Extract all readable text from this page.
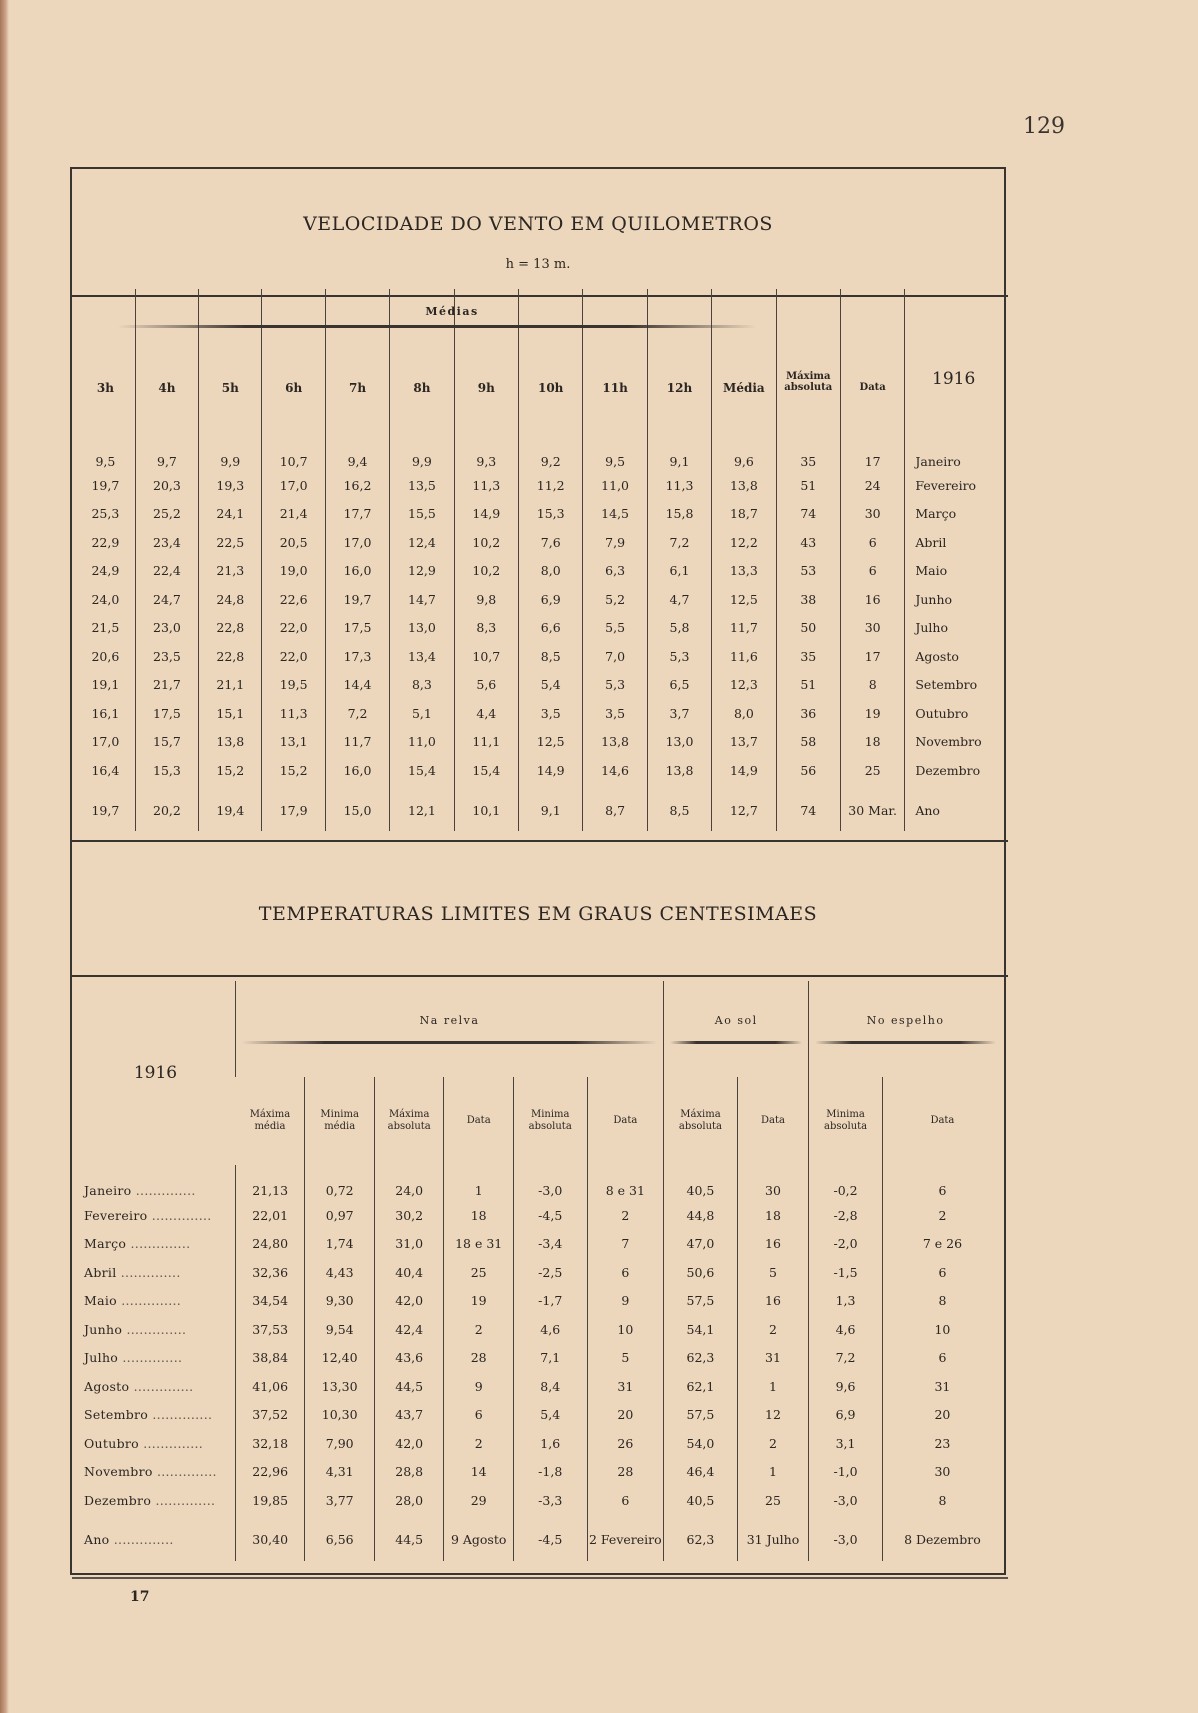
129
VELOCIDADE DO VENTO EM QUILOMETROS
h = 13 m.
3h	4h	5h	6h	7h	8h	9h	10h	11h	12h	Média	Máxima absoluta	Data	1916
9,5	9,7	9,9	10,7	9,4	9,9	9,3	9,2	9,5	9,1	9,6	35	17	Janeiro
19,7	20,3	19,3	17,0	16,2	13,5	11,3	11,2	11,0	11,3	13,8	51	24	Fevereiro
25,3	25,2	24,1	21,4	17,7	15,5	14,9	15,3	14,5	15,8	18,7	74	30	Março
22,9	23,4	22,5	20,5	17,0	12,4	10,2	7,6	7,9	7,2	12,2	43	6	Abril
24,9	22,4	21,3	19,0	16,0	12,9	10,2	8,0	6,3	6,1	13,3	53	6	Maio
24,0	24,7	24,8	22,6	19,7	14,7	9,8	6,9	5,2	4,7	12,5	38	16	Junho
21,5	23,0	22,8	22,0	17,5	13,0	8,3	6,6	5,5	5,8	11,7	50	30	Julho
20,6	23,5	22,8	22,0	17,3	13,4	10,7	8,5	7,0	5,3	11,6	35	17	Agosto
19,1	21,7	21,1	19,5	14,4	8,3	5,6	5,4	5,3	6,5	12,3	51	8	Setembro
16,1	17,5	15,1	11,3	7,2	5,1	4,4	3,5	3,5	3,7	8,0	36	19	Outubro
17,0	15,7	13,8	13,1	11,7	11,0	11,1	12,5	13,8	13,0	13,7	58	18	Novembro
16,4	15,3	15,2	15,2	16,0	15,4	15,4	14,9	14,6	13,8	14,9	56	25	Dezembro
19,7	20,2	19,4	17,9	15,0	12,1	10,1	9,1	8,7	8,5	12,7	74	30 Mar.	Ano
Médias
TEMPERATURAS LIMITES EM GRAUS CENTESIMAES
1916	Na relva						Ao sol		No espelho	

	Máxima média	Minima média	Máxima absoluta	Data	Minima absoluta	Data	Máxima absoluta	Data	Minima absoluta	Data
Janeiro ..............	21,13	0,72	24,0	1	-3,0	8 e 31	40,5	30	-0,2	6
Fevereiro ..............	22,01	0,97	30,2	18	-4,5	2	44,8	18	-2,8	2
Março ..............	24,80	1,74	31,0	18 e 31	-3,4	7	47,0	16	-2,0	7 e 26
Abril ..............	32,36	4,43	40,4	25	-2,5	6	50,6	5	-1,5	6
Maio ..............	34,54	9,30	42,0	19	-1,7	9	57,5	16	1,3	8
Junho ..............	37,53	9,54	42,4	2	4,6	10	54,1	2	4,6	10
Julho ..............	38,84	12,40	43,6	28	7,1	5	62,3	31	7,2	6
Agosto ..............	41,06	13,30	44,5	9	8,4	31	62,1	1	9,6	31
Setembro ..............	37,52	10,30	43,7	6	5,4	20	57,5	12	6,9	20
Outubro ..............	32,18	7,90	42,0	2	1,6	26	54,0	2	3,1	23
Novembro ..............	22,96	4,31	28,8	14	-1,8	28	46,4	1	-1,0	30
Dezembro ..............	19,85	3,77	28,0	29	-3,3	6	40,5	25	-3,0	8
Ano ..............	30,40	6,56	44,5	9 Agosto	-4,5	2 Fevereiro	62,3	31 Julho	-3,0	8 Dezembro
17
